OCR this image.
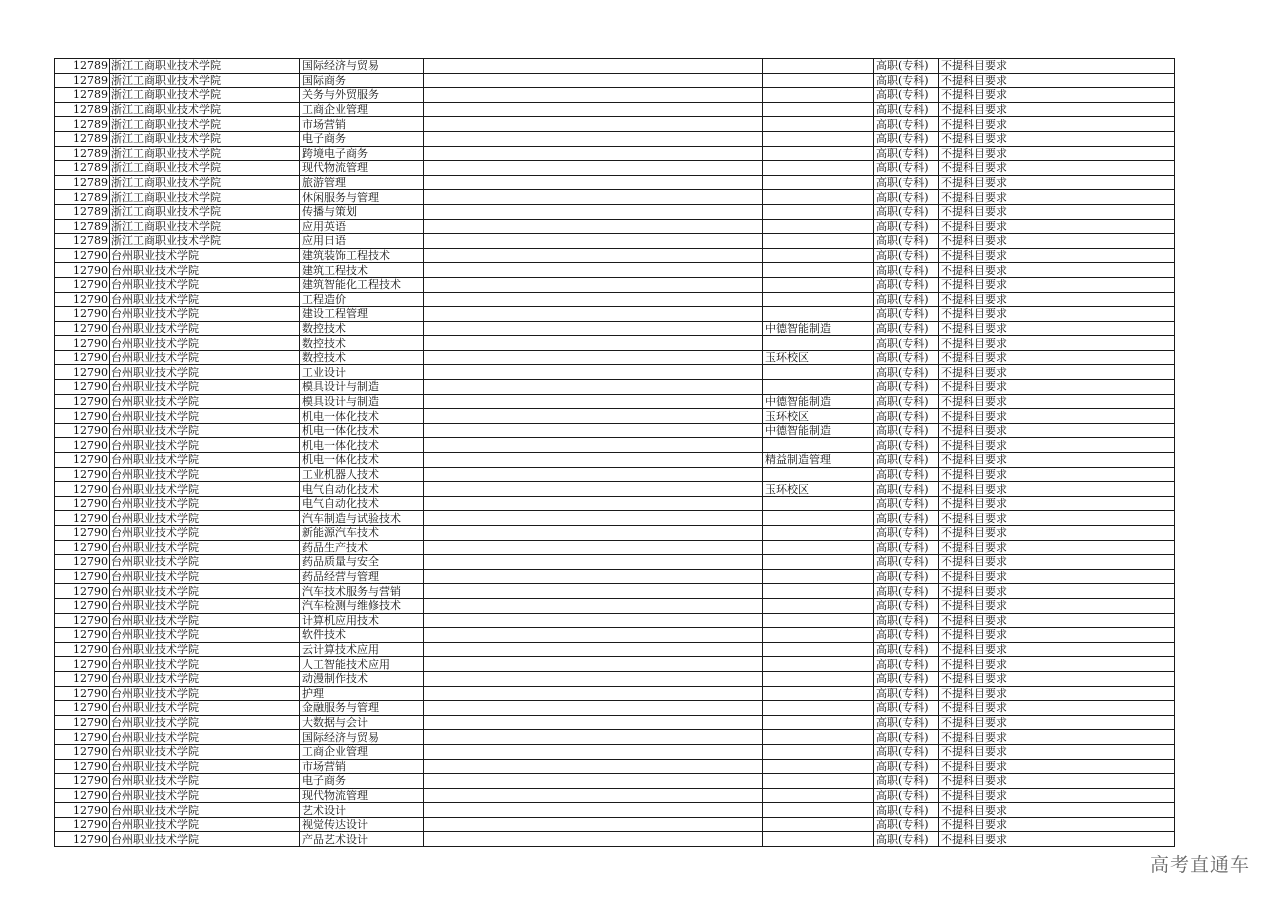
12789	浙江工商职业技术学院	国际经济与贸易			高职(专科)	不提科目要求
12789	浙江工商职业技术学院	国际商务			高职(专科)	不提科目要求
12789	浙江工商职业技术学院	关务与外贸服务			高职(专科)	不提科目要求
12789	浙江工商职业技术学院	工商企业管理			高职(专科)	不提科目要求
12789	浙江工商职业技术学院	市场营销			高职(专科)	不提科目要求
12789	浙江工商职业技术学院	电子商务			高职(专科)	不提科目要求
12789	浙江工商职业技术学院	跨境电子商务			高职(专科)	不提科目要求
12789	浙江工商职业技术学院	现代物流管理			高职(专科)	不提科目要求
12789	浙江工商职业技术学院	旅游管理			高职(专科)	不提科目要求
12789	浙江工商职业技术学院	休闲服务与管理			高职(专科)	不提科目要求
12789	浙江工商职业技术学院	传播与策划			高职(专科)	不提科目要求
12789	浙江工商职业技术学院	应用英语			高职(专科)	不提科目要求
12789	浙江工商职业技术学院	应用日语			高职(专科)	不提科目要求
12790	台州职业技术学院	建筑装饰工程技术			高职(专科)	不提科目要求
12790	台州职业技术学院	建筑工程技术			高职(专科)	不提科目要求
12790	台州职业技术学院	建筑智能化工程技术			高职(专科)	不提科目要求
12790	台州职业技术学院	工程造价			高职(专科)	不提科目要求
12790	台州职业技术学院	建设工程管理			高职(专科)	不提科目要求
12790	台州职业技术学院	数控技术		中德智能制造	高职(专科)	不提科目要求
12790	台州职业技术学院	数控技术			高职(专科)	不提科目要求
12790	台州职业技术学院	数控技术		玉环校区	高职(专科)	不提科目要求
12790	台州职业技术学院	工业设计			高职(专科)	不提科目要求
12790	台州职业技术学院	模具设计与制造			高职(专科)	不提科目要求
12790	台州职业技术学院	模具设计与制造		中德智能制造	高职(专科)	不提科目要求
12790	台州职业技术学院	机电一体化技术		玉环校区	高职(专科)	不提科目要求
12790	台州职业技术学院	机电一体化技术		中德智能制造	高职(专科)	不提科目要求
12790	台州职业技术学院	机电一体化技术			高职(专科)	不提科目要求
12790	台州职业技术学院	机电一体化技术		精益制造管理	高职(专科)	不提科目要求
12790	台州职业技术学院	工业机器人技术			高职(专科)	不提科目要求
12790	台州职业技术学院	电气自动化技术		玉环校区	高职(专科)	不提科目要求
12790	台州职业技术学院	电气自动化技术			高职(专科)	不提科目要求
12790	台州职业技术学院	汽车制造与试验技术			高职(专科)	不提科目要求
12790	台州职业技术学院	新能源汽车技术			高职(专科)	不提科目要求
12790	台州职业技术学院	药品生产技术			高职(专科)	不提科目要求
12790	台州职业技术学院	药品质量与安全			高职(专科)	不提科目要求
12790	台州职业技术学院	药品经营与管理			高职(专科)	不提科目要求
12790	台州职业技术学院	汽车技术服务与营销			高职(专科)	不提科目要求
12790	台州职业技术学院	汽车检测与维修技术			高职(专科)	不提科目要求
12790	台州职业技术学院	计算机应用技术			高职(专科)	不提科目要求
12790	台州职业技术学院	软件技术			高职(专科)	不提科目要求
12790	台州职业技术学院	云计算技术应用			高职(专科)	不提科目要求
12790	台州职业技术学院	人工智能技术应用			高职(专科)	不提科目要求
12790	台州职业技术学院	动漫制作技术			高职(专科)	不提科目要求
12790	台州职业技术学院	护理			高职(专科)	不提科目要求
12790	台州职业技术学院	金融服务与管理			高职(专科)	不提科目要求
12790	台州职业技术学院	大数据与会计			高职(专科)	不提科目要求
12790	台州职业技术学院	国际经济与贸易			高职(专科)	不提科目要求
12790	台州职业技术学院	工商企业管理			高职(专科)	不提科目要求
12790	台州职业技术学院	市场营销			高职(专科)	不提科目要求
12790	台州职业技术学院	电子商务			高职(专科)	不提科目要求
12790	台州职业技术学院	现代物流管理			高职(专科)	不提科目要求
12790	台州职业技术学院	艺术设计			高职(专科)	不提科目要求
12790	台州职业技术学院	视觉传达设计			高职(专科)	不提科目要求
12790	台州职业技术学院	产品艺术设计			高职(专科)	不提科目要求
高考直通车
